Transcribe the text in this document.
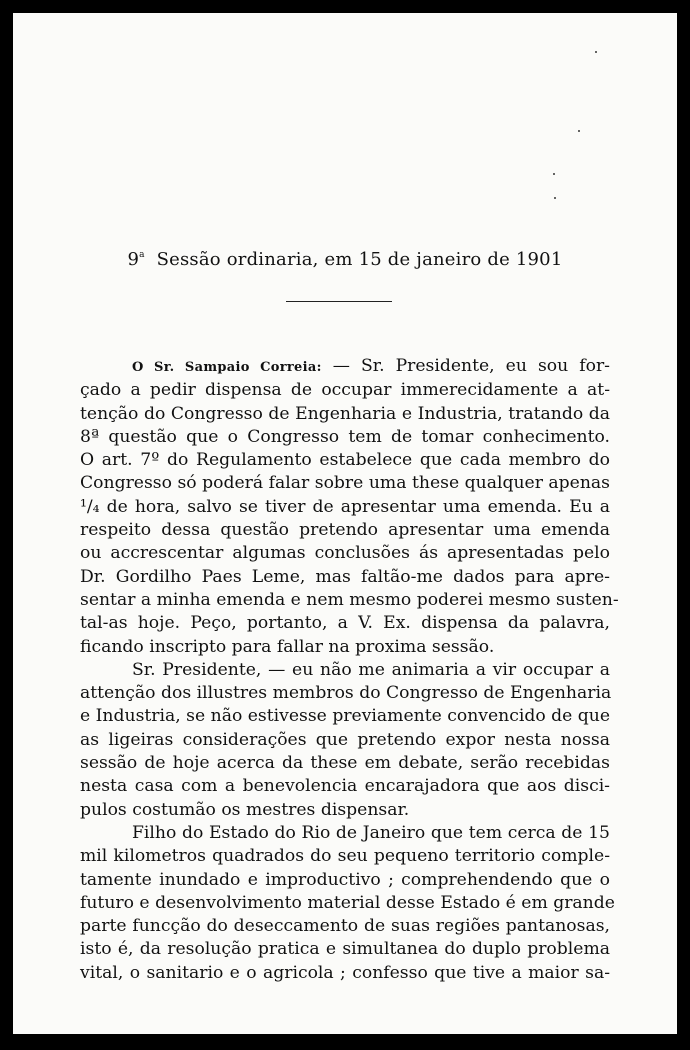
9$^a$ Sessão ordinaria, em 15 de janeiro de 1901
O Sr. Sampaio Correia: — Sr. Presidente, eu sou for-
çado a pedir dispensa de occupar immerecidamente a at-
tenção do Congresso de Engenharia e Industria, tratando da
8ª questão que o Congresso tem de tomar conhecimento.
O art. 7º do Regulamento estabelece que cada membro do
Congresso só poderá falar sobre uma these qualquer apenas
¹/₄ de hora, salvo se tiver de apresentar uma emenda. Eu a
respeito dessa questão pretendo apresentar uma emenda
ou accrescentar algumas conclusões ás apresentadas pelo
Dr. Gordilho Paes Leme, mas faltão-me dados para apre-
sentar a minha emenda e nem mesmo poderei mesmo susten-
tal-as hoje. Peço, portanto, a V. Ex. dispensa da palavra,
ficando inscripto para fallar na proxima sessão.
Sr. Presidente, — eu não me animaria a vir occupar a
attenção dos illustres membros do Congresso de Engenharia
e Industria, se não estivesse previamente convencido de que
as ligeiras considerações que pretendo expor nesta nossa
sessão de hoje acerca da these em debate, serão recebidas
nesta casa com a benevolencia encarajadora que aos disci-
pulos costumão os mestres dispensar.
Filho do Estado do Rio de Janeiro que tem cerca de 15
mil kilometros quadrados do seu pequeno territorio comple-
tamente inundado e improductivo ; comprehendendo que o
futuro e desenvolvimento material desse Estado é em grande
parte funcção do deseccamento de suas regiões pantanosas,
isto é, da resolução pratica e simultanea do duplo problema
vital, o sanitario e o agricola ; confesso que tive a maior sa-
